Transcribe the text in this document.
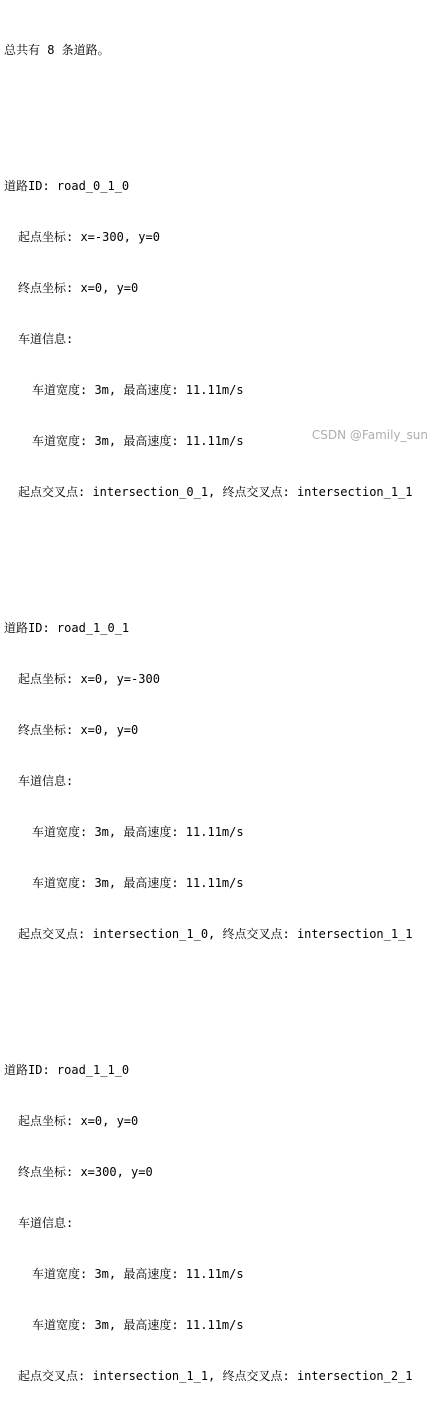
总共有 8 条道路。

道路ID: road_0_1_0

起点坐标: x=-300, y=0

终点坐标: x=0, y=0

车道信息:

车道宽度: 3m, 最高速度: 11.11m/s

车道宽度: 3m, 最高速度: 11.11m/s

起点交叉点: intersection_0_1, 终点交叉点: intersection_1_1

道路ID: road_1_0_1

起点坐标: x=0, y=-300

终点坐标: x=0, y=0

车道信息:

车道宽度: 3m, 最高速度: 11.11m/s

车道宽度: 3m, 最高速度: 11.11m/s

起点交叉点: intersection_1_0, 终点交叉点: intersection_1_1

道路ID: road_1_1_0

起点坐标: x=0, y=0

终点坐标: x=300, y=0

车道信息:

车道宽度: 3m, 最高速度: 11.11m/s

车道宽度: 3m, 最高速度: 11.11m/s

起点交叉点: intersection_1_1, 终点交叉点: intersection_2_1

CSDN @Family_sun
